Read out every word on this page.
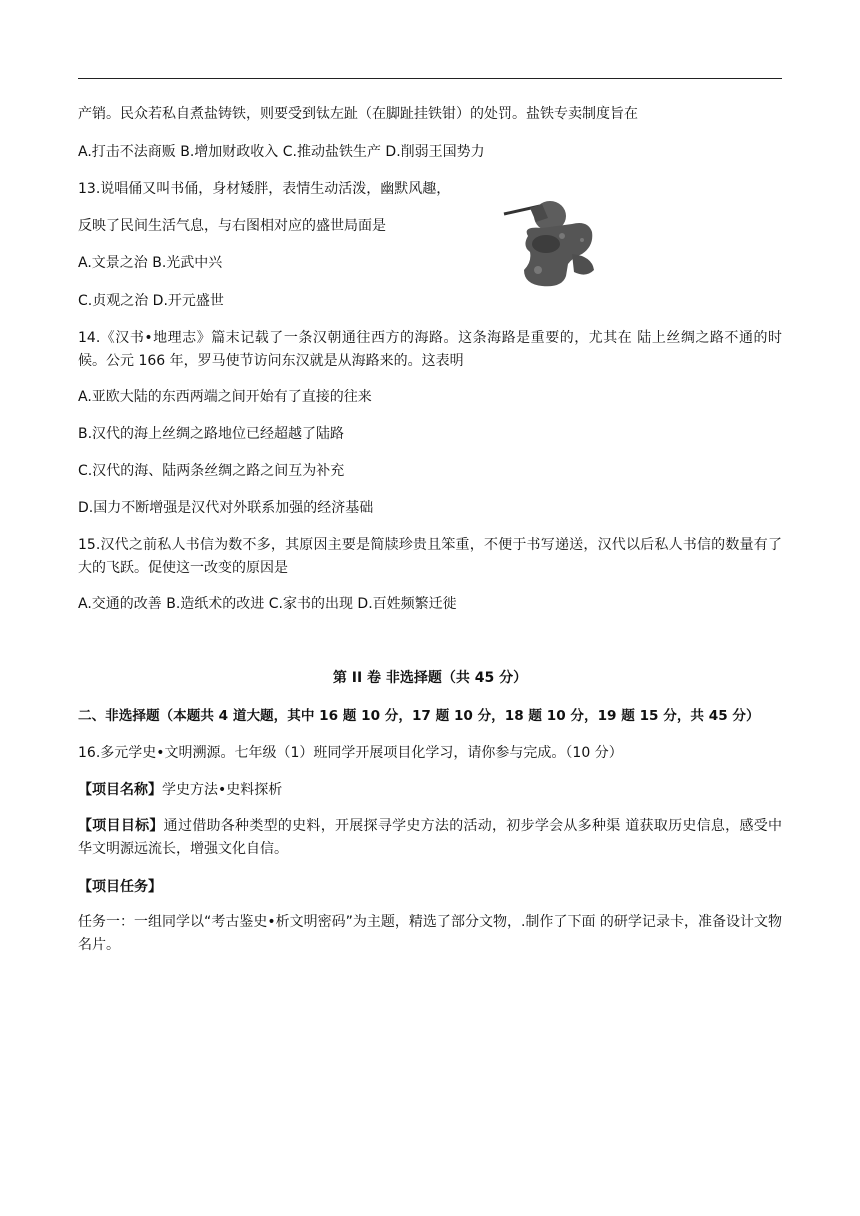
产销。民众若私自煮盐铸铁，则要受到钛左趾（在脚趾挂铁钳）的处罚。盐铁专卖制度旨在
A.打击不法商贩 B.增加财政收入 C.推动盐铁生产 D.削弱王国势力
13.说唱俑又叫书俑，身材矮胖，表情生动活泼，幽默风趣，
反映了民间生活气息，与右图相对应的盛世局面是
A.文景之治 B.光武中兴
C.贞观之治 D.开元盛世
14.《汉书•地理志》篇末记载了一条汉朝通往西方的海路。这条海路是重要的，尤其在 陆上丝绸之路不通的时候。公元 166 年，罗马使节访问东汉就是从海路来的。这表明
A.亚欧大陆的东西两端之间开始有了直接的往来
B.汉代的海上丝绸之路地位已经超越了陆路
C.汉代的海、陆两条丝绸之路之间互为补充
D.国力不断增强是汉代对外联系加强的经济基础
15.汉代之前私人书信为数不多，其原因主要是简牍珍贵且笨重，不便于书写递送，汉代以后私人书信的数量有了大的飞跃。促使这一改变的原因是
A.交通的改善 B.造纸术的改进 C.家书的出现 D.百姓频繁迁徙
第 II 卷 非选择题（共 45 分）
二、非选择题（本题共 4 道大题，其中 16 题 10 分，17 题 10 分，18 题 10 分，19 题 15 分，共 45 分）
16.多元学史•文明溯源。七年级（1）班同学开展项目化学习，请你参与完成。（10 分）
【项目名称】学史方法•史料探析
【项目目标】通过借助各种类型的史料，开展探寻学史方法的活动，初步学会从多种渠 道获取历史信息，感受中华文明源远流长，增强文化自信。
【项目任务】
任务一：一组同学以“考古鉴史•析文明密码”为主题，精选了部分文物，.制作了下面 的研学记录卡，准备设计文物名片。
